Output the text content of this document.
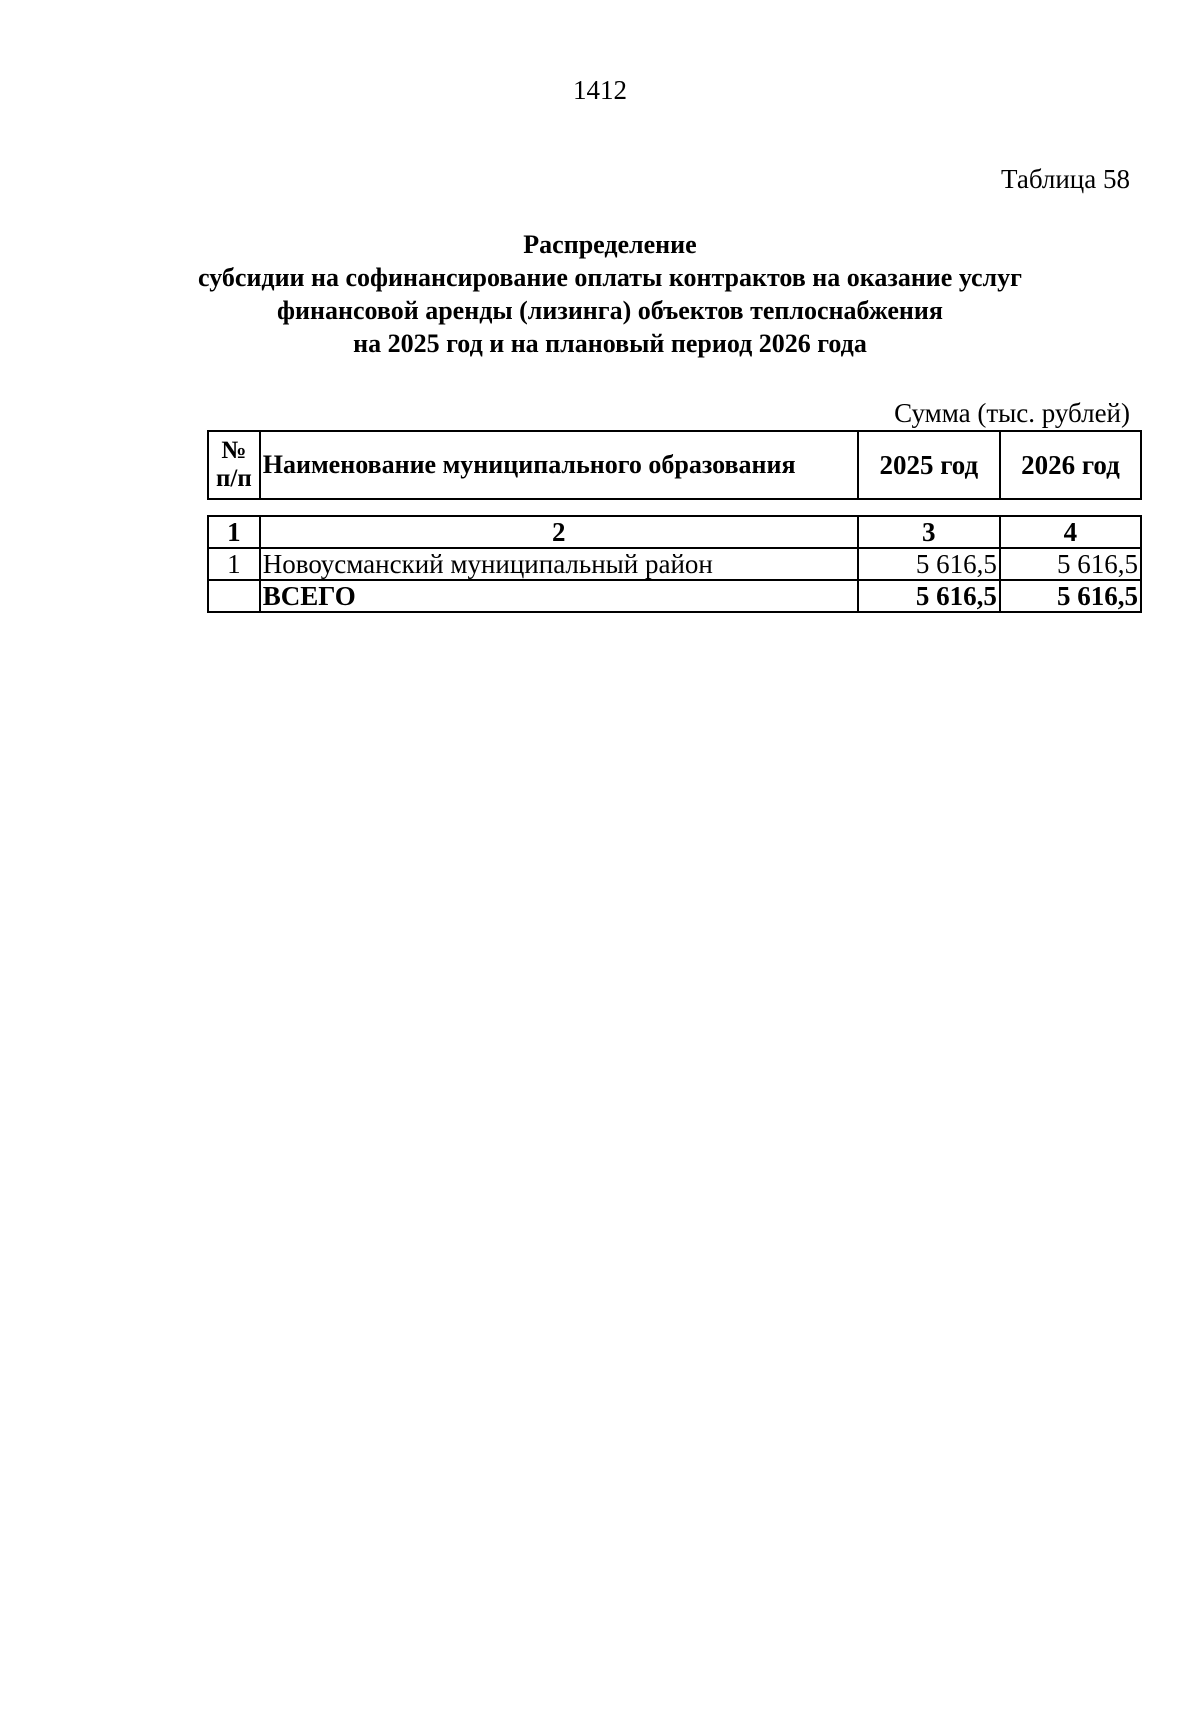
1412
Таблица 58
Распределение
субсидии на софинансирование оплаты контрактов на оказание услуг
финансовой аренды (лизинга) объектов теплоснабжения
на 2025 год и на плановый период 2026 года
Сумма (тыс. рублей)
№
п/п	Наименование муниципального образования	2025 год	2026 год
1	2	3	4
1	Новоусманский муниципальный район	5 616,5	5 616,5
	ВСЕГО	5 616,5	5 616,5
